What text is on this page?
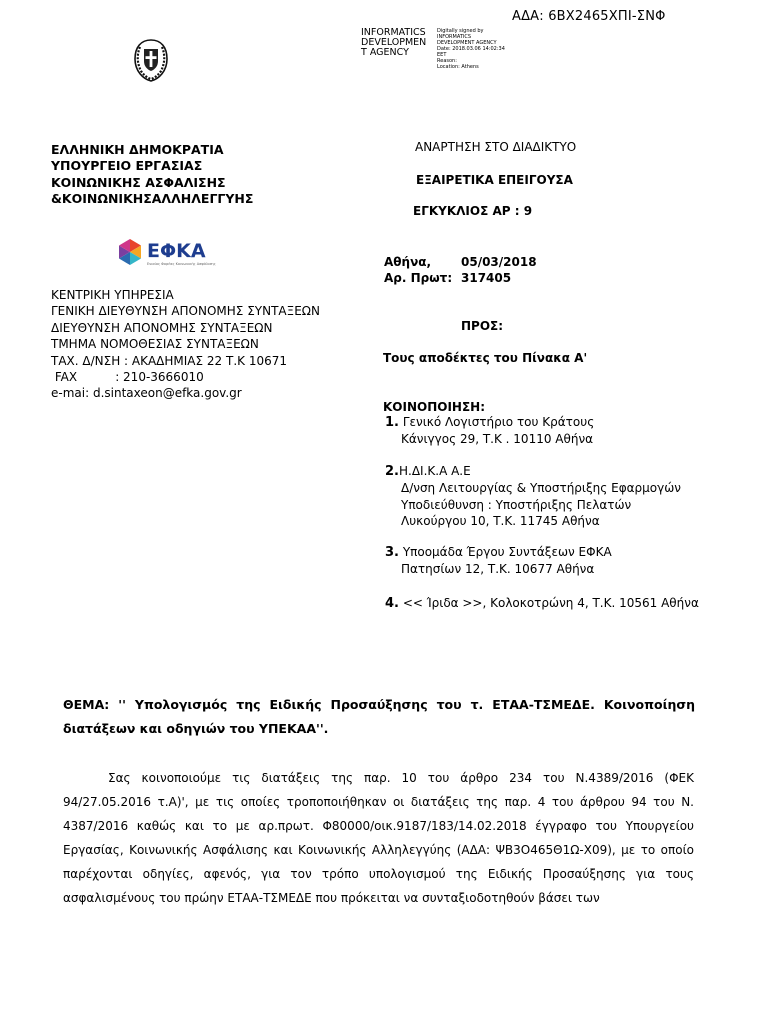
ΑΔΑ: 6ΒΧ2465ΧΠΙ-ΣΝΦ
INFORMATICS
DEVELOPMEN
T AGENCY
Digitally signed by
INFORMATICS
DEVELOPMENT AGENCY
Date: 2018.03.06 14:02:34
EET
Reason:
Location: Athens
ΕΛΛΗΝΙΚΗ ΔΗΜΟΚΡΑΤΙΑ
ΥΠΟΥΡΓΕΙΟ ΕΡΓΑΣΙΑΣ
ΚΟΙΝΩΝΙΚΗΣ ΑΣΦΑΛΙΣΗΣ
&ΚΟΙΝΩΝΙΚΗΣΑΛΛΗΛΕΓΓΥΗΣ
ΕΦΚΑ
Ενιαίος Φορέας Κοινωνικής Ασφάλισης
ΚΕΝΤΡΙΚΗ ΥΠΗΡΕΣΙΑ
ΓΕΝΙΚΗ ΔΙΕΥΘΥΝΣΗ ΑΠΟΝΟΜΗΣ ΣΥΝΤΑΞΕΩΝ
ΔΙΕΥΘΥΝΣΗ ΑΠΟΝΟΜΗΣ ΣΥΝΤΑΞΕΩΝ
ΤΜΗΜΑ ΝΟΜΟΘΕΣΙΑΣ ΣΥΝΤΑΞΕΩΝ
ΤΑΧ. Δ/ΝΣΗ : ΑΚΑΔΗΜΙΑΣ 22 Τ.Κ 10671
FAX          : 210-3666010
e-mai: d.sintaxeon@efka.gov.gr
ΑΝΑΡΤΗΣΗ ΣΤΟ ΔΙΑΔΙΚΤΥΟ
ΕΞΑΙΡΕΤΙΚΑ ΕΠΕΙΓΟΥΣΑ
ΕΓΚΥΚΛΙΟΣ ΑΡ : 9
Αθήνα, 05/03/2018
Αρ. Πρωτ: 317405
ΠΡΟΣ:
Τους αποδέκτες του Πίνακα Α'
ΚΟΙΝΟΠΟΙΗΣΗ:
1. Γενικό Λογιστήριο του Κράτους
Κάνιγγος 29, Τ.Κ . 10110 Αθήνα
2.Η.ΔΙ.Κ.Α Α.Ε
Δ/νση Λειτουργίας & Υποστήριξης Εφαρμογών
Υποδιεύθυνση : Υποστήριξης Πελατών
Λυκούργου 10, Τ.Κ. 11745 Αθήνα
3. Υποομάδα Έργου Συντάξεων ΕΦΚΑ
Πατησίων 12, Τ.Κ. 10677 Αθήνα
4. << Ίριδα >>, Κολοκοτρώνη 4, Τ.Κ. 10561 Αθήνα
ΘΕΜΑ: '' Υπολογισμός της Ειδικής Προσαύξησης του τ. ΕΤΑΑ-ΤΣΜΕΔΕ. Κοινοποίηση διατάξεων και οδηγιών του ΥΠΕΚΑΑ''.
Σας κοινοποιούμε τις διατάξεις της παρ. 10 του άρθρο 234 του Ν.4389/2016 (ΦΕΚ 94/27.05.2016 τ.Α)', με τις οποίες τροποποιήθηκαν οι διατάξεις της παρ. 4 του άρθρου 94 του Ν. 4387/2016 καθώς και το με αρ.πρωτ. Φ80000/οικ.9187/183/14.02.2018 έγγραφο του Υπουργείου Εργασίας, Κοινωνικής Ασφάλισης και Κοινωνικής Αλληλεγγύης (ΑΔΑ: ΨΒ3Ο465Θ1Ω-Χ09), με το οποίο παρέχονται οδηγίες, αφενός, για τον τρόπο υπολογισμού της Ειδικής Προσαύξησης για τους ασφαλισμένους του πρώην ΕΤΑΑ-ΤΣΜΕΔΕ που πρόκειται να συνταξιοδοτηθούν βάσει των
